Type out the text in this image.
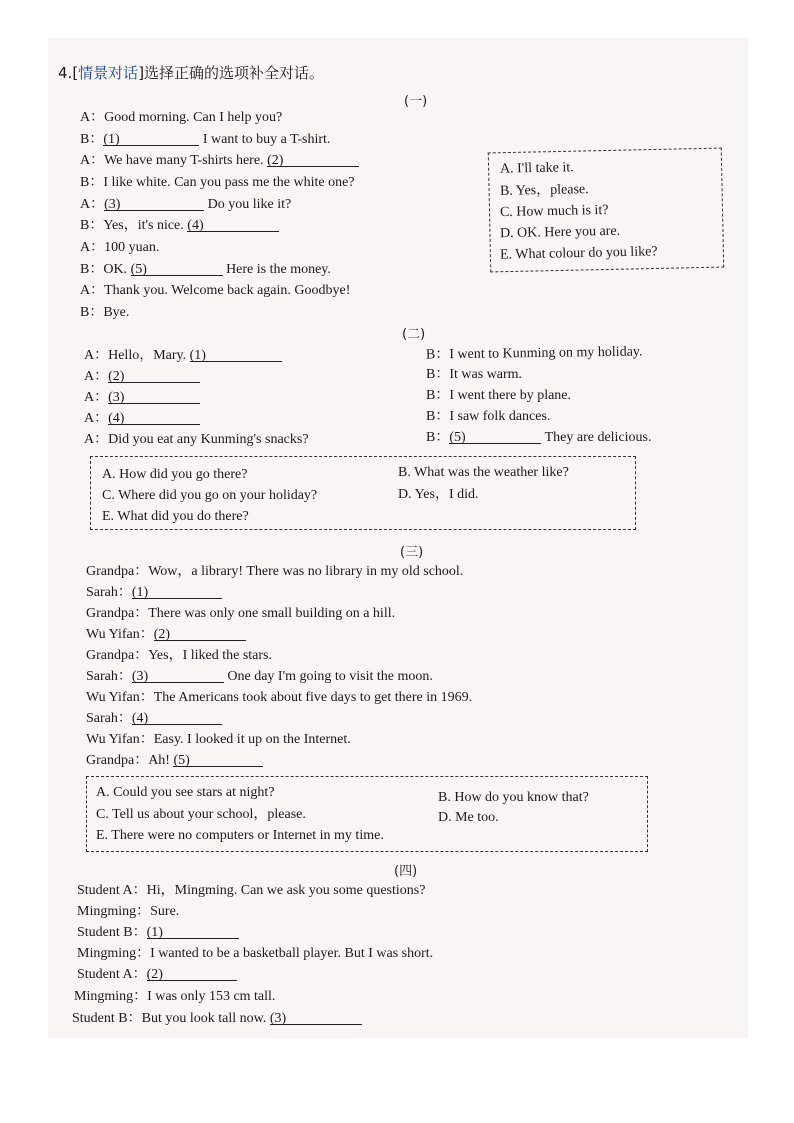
4.[情景对话]选择正确的选项补全对话。
(一)
A：Good morning. Can I help you?
B：(1)	I want to buy a T-shirt.
A：We have many T-shirts here. (2)
B：I like white. Can you pass me the white one?
A：(3)	Do you like it?
B：Yes，it's nice. (4)
A：100 yuan.
B：OK. (5)	Here is the money.
A：Thank you. Welcome back again. Goodbye!
B：Bye.
A. I'll take it.
B. Yes，please.
C. How much is it?
D. OK. Here you are.
E. What colour do you like?
(二)
A：Hello，Mary. (1)
A：(2)
A：(3)
A：(4)
A：Did you eat any Kunming's snacks?
B：I went to Kunming on my holiday.
B：It was warm.
B：I went there by plane.
B：I saw folk dances.
B：(5)	They are delicious.
A. How did you go there?	B. What was the weather like?
C. Where did you go on your holiday?	D. Yes，I did.
E. What did you do there?
(三)
Grandpa：Wow，a library! There was no library in my old school.
Sarah：(1)
Grandpa：There was only one small building on a hill.
Wu Yifan：(2)
Grandpa：Yes，I liked the stars.
Sarah：(3)	One day I'm going to visit the moon.
Wu Yifan：The Americans took about five days to get there in 1969.
Sarah：(4)
Wu Yifan：Easy. I looked it up on the Internet.
Grandpa：Ah! (5)
A. Could you see stars at night?	B. How do you know that?
C. Tell us about your school，please.	D. Me too.
E. There were no computers or Internet in my time.
(四)
Student A：Hi，Mingming. Can we ask you some questions?
Mingming：Sure.
Student B：(1)
Mingming：I wanted to be a basketball player. But I was short.
Student A：(2)
Mingming：I was only 153 cm tall.
Student B：But you look tall now. (3)
